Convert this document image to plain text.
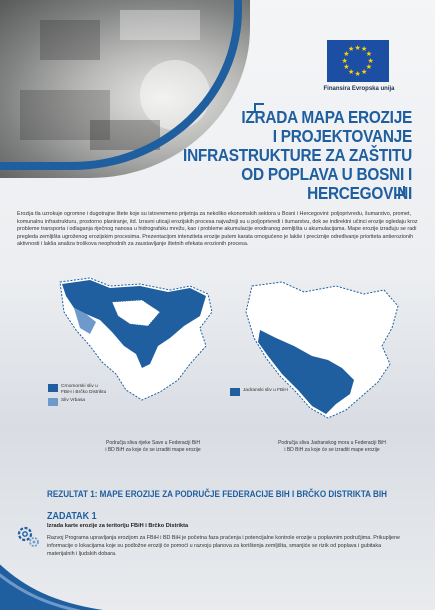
★ ★
★
★
★
★
★
★
★
★
★
★
Finansira Evropska unija
IZRADA MAPA EROZIJE
I PROJEKTOVANJE
INFRASTRUKTURE ZA ZAŠTITU
OD POPLAVA U BOSNI I HERCEGOVINI
Erozija tla uzrokuje ogromne i dugotrajne štete koje su istovremeno prijetnja za nekoliko ekonomskih sektora u Bosni i Hercegovini: poljoprivredu, šumarstvo, promet, komunalnu infrastrukturu, prostorno planiranje, itd. Izravni uticaji erozijskih procesa najvažniji su u poljoprivredi i šumarstvu, dok se indirektni učinci erozije ogledaju kroz probleme transporta i odlaganja riječnog nanosa u hidrografsku mrežu, kao i probleme akumulacije erodiranog zemljišta u akumulacijama. Mape erozije izrađuju se radi pregleda zemljišta ugroženog erozijskim procesima. Prezentacijom intenziteta erozije putem karata omogućeno je lakše i preciznije određivanje prioriteta antierozionih aktivnosti i lakša analiza troškova neophodnih za zaustavljanje štetnih efekata erozionih procesa.
Crnomorski sliv u FBiH i Brčko Distriktu
Sliv Vrbasa
Područja slivа rijeke Save u Federaciji BiH
i BD BiH za koje će se izraditi mape erozije
Jadranski sliv u FBiH
Područja sliva Jadranskog mora u Federaciji BiH
i BD BiH za koje će se izraditi mape erozije
REZULTAT 1: MAPE EROZIJE ZA PODRUČJE FEDERACIJE BIH I BRČKO DISTRIKTA BIH
ZADATAK 1
Izrada karte erozije za teritoriju FBiH i Brčko Distrikta
Razvoj Programa upravljanja erozijom za FBiH i BD BiH je početna faza praćenja i potencijalne kontrole erozije u poplavnim područjima. Prikupljene informacije o lokacijama koje su podložne eroziji će pomoći u razvoju planova za korištenja zemljišta, smanjiće se rizik od poplava i gubitaka materijalnih i ljudskih dobara.
